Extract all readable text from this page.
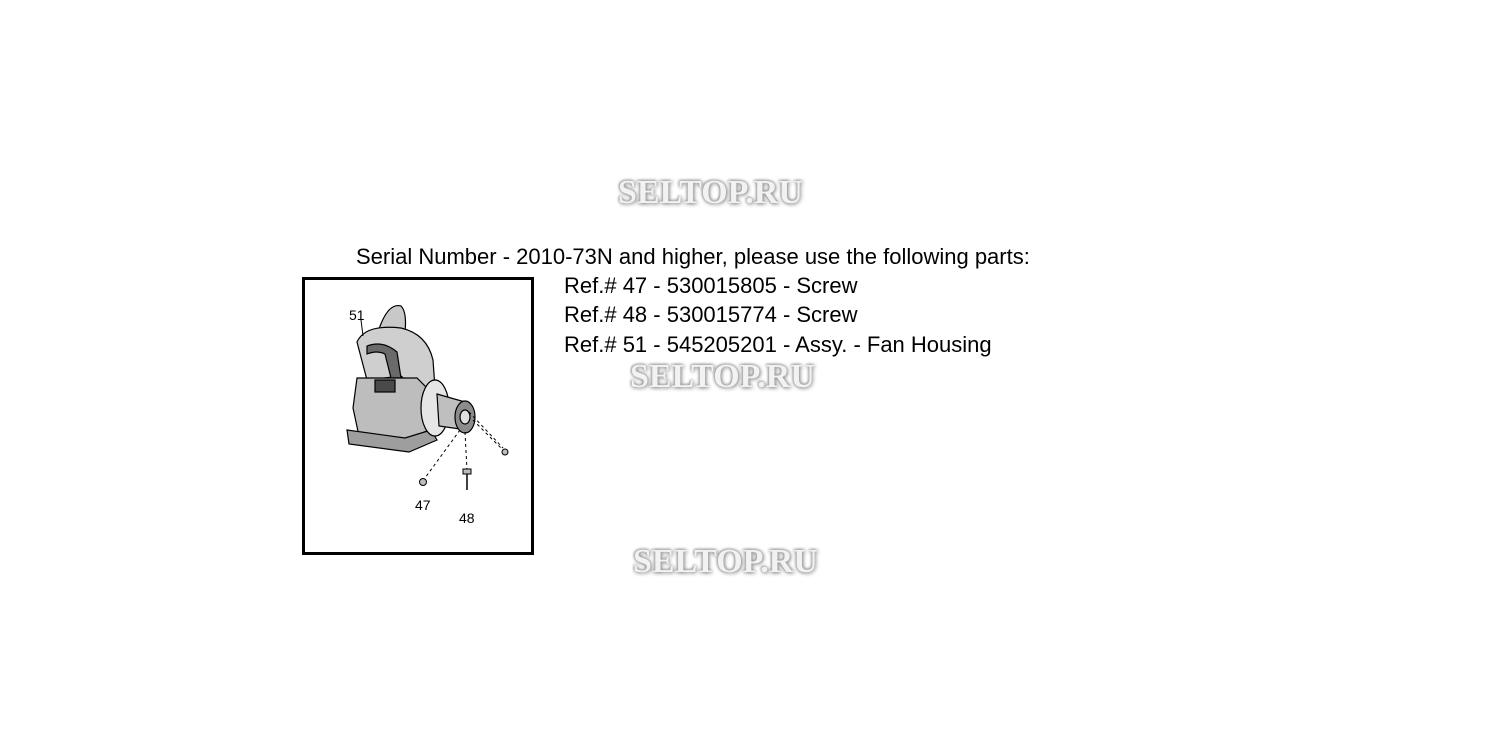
SELTOP.RU
SELTOP.RU
SELTOP.RU
Serial Number - 2010-73N and higher, please use the following parts:
Ref.# 47 - 530015805 - Screw
Ref.# 48 - 530015774 - Screw
Ref.# 51 - 545205201 - Assy. - Fan Housing
51
47
48
